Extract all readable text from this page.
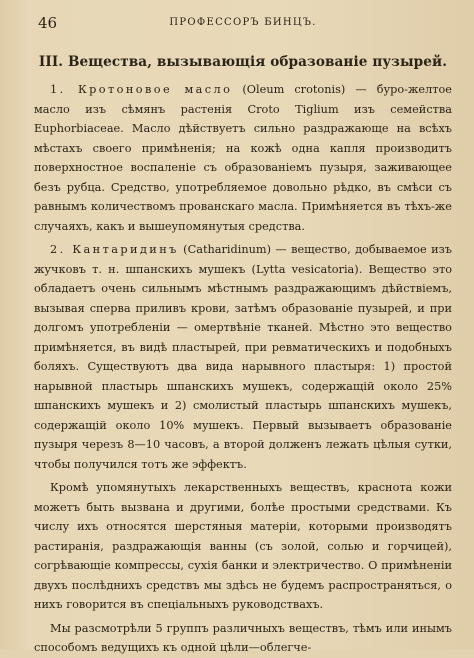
46	ПРОФЕССОРЪ БИНЦЪ.
III. Вещества, вызывающія образованіе пузырей.

1. Кротоновое масло (Oleum crotonis) — буро-желтое масло изъ сѣмянъ растенія Croto Tiglium изъ семейства Euphorbiaceae. Масло дѣйствуетъ сильно раздражающе на всѣхъ мѣстахъ своего примѣненія; на кожѣ одна капля производитъ поверхностное воспаленіе съ образованіемъ пузыря, заживающее безъ рубца. Средство, употребляемое довольно рѣдко, въ смѣси съ равнымъ количествомъ прованскаго масла. Примѣняется въ тѣхъ-же случаяхъ, какъ и вышеупомянутыя средства.

2. Кантаридинъ (Catharidinum) — вещество, добываемое изъ жучковъ т. н. шпанскихъ мушекъ (Lytta vesicatoria). Вещество это обладаетъ очень сильнымъ мѣстнымъ раздражающимъ дѣйствіемъ, вызывая сперва приливъ крови, затѣмъ образованіе пузырей, и при долгомъ употребленіи — омертвѣніе тканей. Мѣстно это вещество примѣняется, въ видѣ пластырей, при ревматическихъ и подобныхъ боляхъ. Существуютъ два вида нарывного пластыря: 1) простой нарывной пластырь шпанскихъ мушекъ, содержащій около 25% шпанскихъ мушекъ и 2) смолистый пластырь шпанскихъ мушекъ, содержащій около 10% мушекъ. Первый вызываетъ образованіе пузыря черезъ 8—10 часовъ, а второй долженъ лежать цѣлыя сутки, чтобы получился тотъ же эффектъ.

Кромѣ упомянутыхъ лекарственныхъ веществъ, краснота кожи можетъ быть вызвана и другими, болѣе простыми средствами. Къ числу ихъ относятся шерстяныя матеріи, которыми производятъ растиранія, раздражающія ванны (съ золой, солью и горчицей), согрѣвающіе компрессы, сухія банки и электричество. О примѣненіи двухъ послѣднихъ средствъ мы здѣсь не будемъ распространяться, о нихъ говорится въ спеціальныхъ руководствахъ.

Мы разсмотрѣли 5 группъ различныхъ веществъ, тѣмъ или инымъ способомъ ведущихъ къ одной цѣли—облегче-
